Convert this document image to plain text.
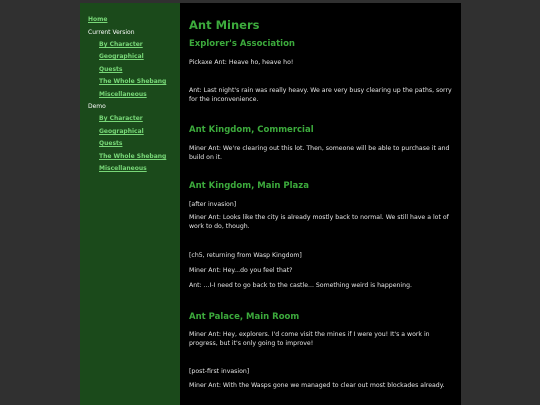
Home
Current Version
By Character
Geographical
Quests
The Whole Shebang
Miscellaneous
Demo
By Character
Geographical
Quests
The Whole Shebang
Miscellaneous
Ant Miners
Explorer's Association

Pickaxe Ant: Heave ho, heave ho!

Ant: Last night's rain was really heavy. We are very busy clearing up the paths, sorry for the inconvenience.

Ant Kingdom, Commercial

Miner Ant: We're clearing out this lot. Then, someone will be able to purchase it and build on it.

Ant Kingdom, Main Plaza

[after invasion]

Miner Ant: Looks like the city is already mostly back to normal. We still have a lot of work to do, though.

[ch5, returning from Wasp Kingdom]

Miner Ant: Hey...do you feel that?

Ant: ...I-I need to go back to the castle... Something weird is happening.

Ant Palace, Main Room

Miner Ant: Hey, explorers. I'd come visit the mines if I were you! It's a work in progress, but it's only going to improve!

[post-first invasion]

Miner Ant: With the Wasps gone we managed to clear out most blockades already.
